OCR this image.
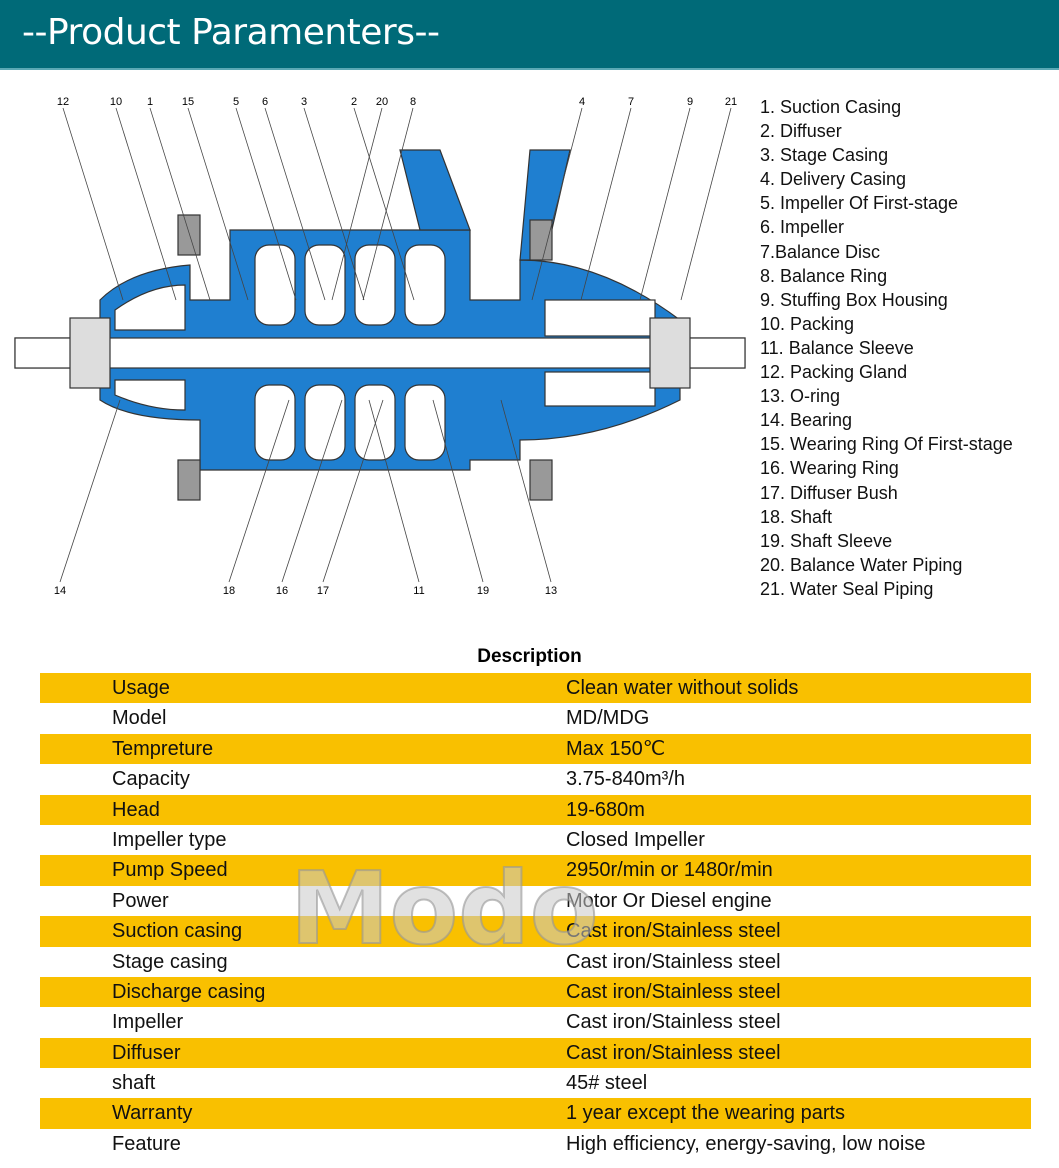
--Product Paramenters--
12	10 1	15	5 6	3	2 20 8	4	7	9	21
14	18	16	17	11	19	13
1. Suction Casing
2. Diffuser
3. Stage Casing
4. Delivery Casing
5. Impeller Of First-stage
6. Impeller
7.Balance Disc
8. Balance Ring
9. Stuffing Box Housing
10. Packing
11. Balance Sleeve
12. Packing Gland
13. O-ring
14. Bearing
15. Wearing Ring Of First-stage
16. Wearing Ring
17. Diffuser Bush
18. Shaft
19. Shaft Sleeve
20. Balance Water Piping
21. Water Seal Piping
Description
Usage	Clean water without solids
Model	MD/MDG
Tempreture	Max 150℃
Capacity	3.75-840m³/h
Head	19-680m
Impeller type	Closed Impeller
Pump Speed	2950r/min or 1480r/min
Power	Motor Or Diesel engine
Suction casing	Cast iron/Stainless steel
Stage casing	Cast iron/Stainless steel
Discharge casing	Cast iron/Stainless steel
Impeller	Cast iron/Stainless steel
Diffuser	Cast iron/Stainless steel
shaft	45# steel
Warranty	1 year except the wearing parts
Feature	High efficiency, energy-saving, low noise
Modo
